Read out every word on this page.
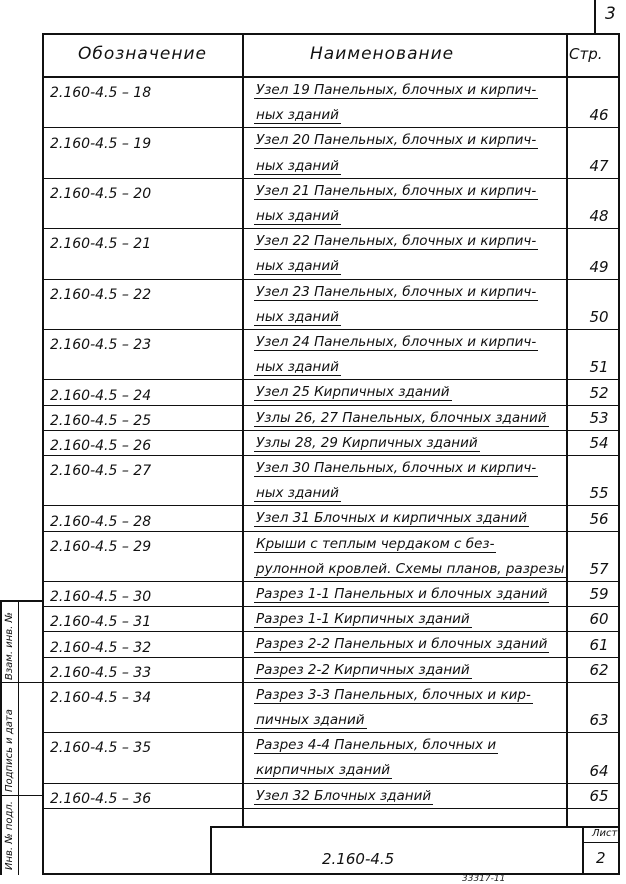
3
Обозначение	Наименование	Стр.
2.160-4.5 – 18	Узел 19 Панельных, блочных и кирпич-
ных зданий	46
2.160-4.5 – 19	Узел 20 Панельных, блочных и кирпич-
ных зданий	47
2.160-4.5 – 20	Узел 21 Панельных, блочных и кирпич-
ных зданий	48
2.160-4.5 – 21	Узел 22 Панельных, блочных и кирпич-
ных зданий	49
2.160-4.5 – 22	Узел 23 Панельных, блочных и кирпич-
ных зданий	50
2.160-4.5 – 23	Узел 24 Панельных, блочных и кирпич-
ных зданий	51
2.160-4.5 – 24	Узел 25 Кирпичных зданий	52
2.160-4.5 – 25	Узлы 26, 27 Панельных, блочных зданий	53
2.160-4.5 – 26	Узлы 28, 29 Кирпичных зданий	54
2.160-4.5 – 27	Узел 30 Панельных, блочных и кирпич-
ных зданий	55
2.160-4.5 – 28	Узел 31 Блочных и кирпичных зданий	56
2.160-4.5 – 29	Крыши с теплым чердаком с без-
рулонной кровлей. Схемы планов, разрезы	57
2.160-4.5 – 30	Разрез 1-1 Панельных и блочных зданий	59
2.160-4.5 – 31	Разрез 1-1 Кирпичных зданий	60
2.160-4.5 – 32	Разрез 2-2 Панельных и блочных зданий	61
2.160-4.5 – 33	Разрез 2-2 Кирпичных зданий	62
2.160-4.5 – 34	Разрез 3-3 Панельных, блочных и кир-
пичных зданий	63
2.160-4.5 – 35	Разрез 4-4 Панельных, блочных и
кирпичных зданий	64
2.160-4.5 – 36	Узел 32 Блочных зданий	65
Взам. инв. №
Подпись и дата
Инв. № подл.	2.160-4.5
Лист
2
33317-11
